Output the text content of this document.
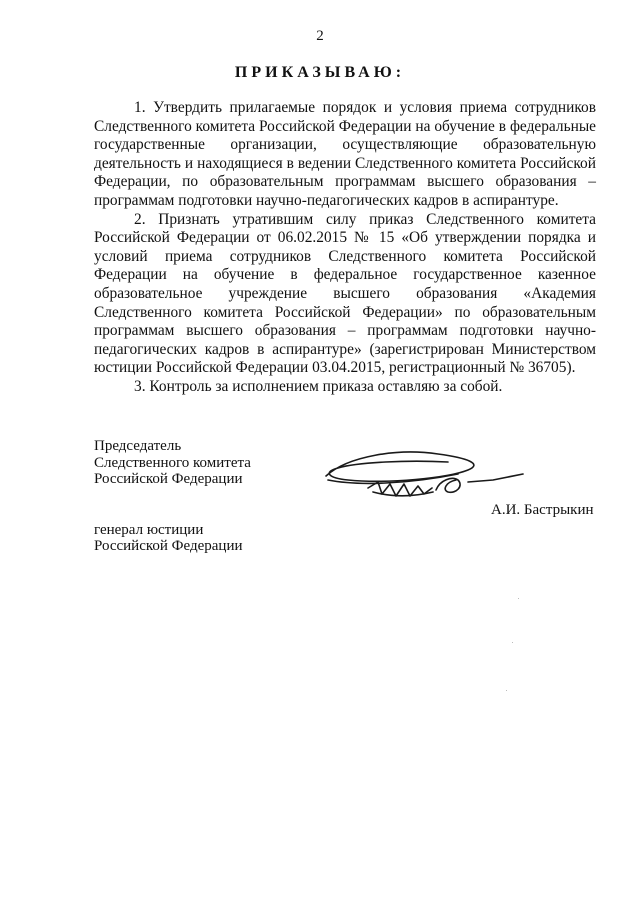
2
ПРИКАЗЫВАЮ:

1. Утвердить прилагаемые порядок и условия приема сотрудников Следственного комитета Российской Федерации на обучение в федеральные государственные организации, осуществляющие образовательную деятельность и находящиеся в ведении Следственного комитета Российской Федерации, по образовательным программам высшего образования – программам подготовки научно-педагогических кадров в аспирантуре.

2. Признать утратившим силу приказ Следственного комитета Российской Федерации от 06.02.2015 № 15 «Об утверждении порядка и условий приема сотрудников Следственного комитета Российской Федерации на обучение в федеральное государственное казенное образовательное учреждение высшего образования «Академия Следственного комитета Российской Федерации» по образовательным программам высшего образования – программам подготовки научно-педагогических кадров в аспирантуре» (зарегистрирован Министерством юстиции Российской Федерации 03.04.2015, регистрационный № 36705).

3. Контроль за исполнением приказа оставляю за собой.

Председатель
Следственного комитета
Российской Федерации
генерал юстиции
Российской Федерации
А.И. Бастрыкин
